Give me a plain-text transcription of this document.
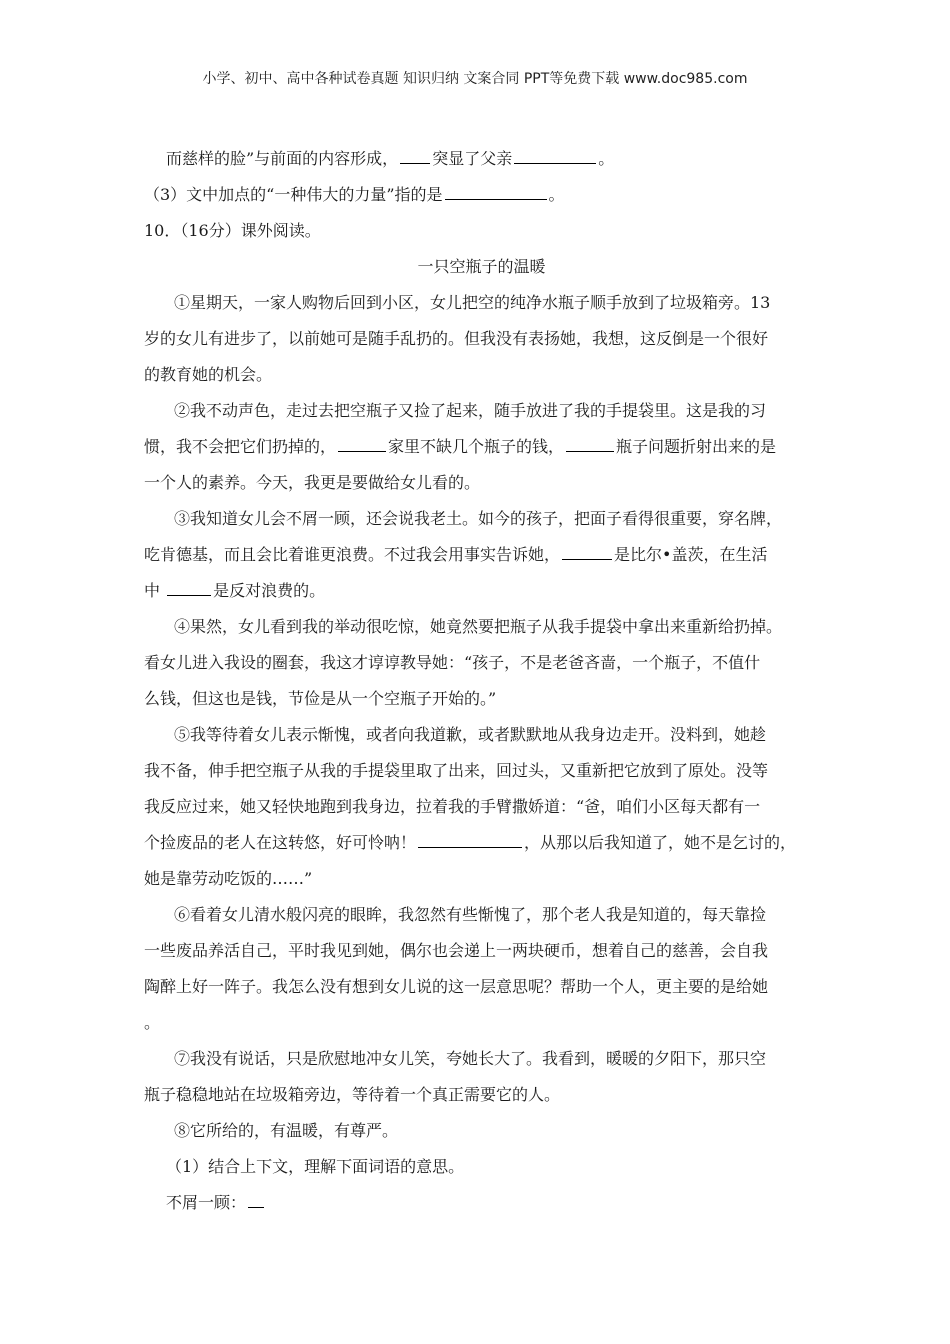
小学、初中、高中各种试卷真题 知识归纳 文案合同 PPT等免费下载 www.doc985.com
而慈样的脸”与前面的内容形成， 突显了父亲	。
（3）文中加点的“一种伟大的力量”指的是	。
10．（16分）课外阅读。
一只空瓶子的温暖
①星期天，一家人购物后回到小区，女儿把空的纯净水瓶子顺手放到了垃圾箱旁。13
岁的女儿有进步了，以前她可是随手乱扔的。但我没有表扬她，我想，这反倒是一个很好
的教育她的机会。
②我不动声色，走过去把空瓶子又捡了起来，随手放进了我的手提袋里。这是我的习
惯，我不会把它们扔掉的，	家里不缺几个瓶子的钱，	瓶子问题折射出来的是
一个人的素养。今天，我更是要做给女儿看的。
③我知道女儿会不屑一顾，还会说我老土。如今的孩子，把面子看得很重要，穿名牌，
吃肯德基，而且会比着谁更浪费。不过我会用事实告诉她，	是比尔•盖茨，在生活
中	是反对浪费的。
④果然，女儿看到我的举动很吃惊，她竟然要把瓶子从我手提袋中拿出来重新给扔掉。
看女儿进入我设的圈套，我这才谆谆教导她：“孩子，不是老爸吝啬，一个瓶子，不值什
么钱，但这也是钱，节俭是从一个空瓶子开始的。”
⑤我等待着女儿表示惭愧，或者向我道歉，或者默默地从我身边走开。没料到，她趁
我不备，伸手把空瓶子从我的手提袋里取了出来，回过头，又重新把它放到了原处。没等
我反应过来，她又轻快地跑到我身边，拉着我的手臂撒娇道：“爸，咱们小区每天都有一
个捡废品的老人在这转悠，好可怜呐！	，从那以后我知道了，她不是乞讨的，
她是靠劳动吃饭的……”
⑥看着女儿清水般闪亮的眼眸，我忽然有些惭愧了，那个老人我是知道的，每天靠捡
一些废品养活自己，平时我见到她，偶尔也会递上一两块硬币，想着自己的慈善，会自我
陶醉上好一阵子。我怎么没有想到女儿说的这一层意思呢？帮助一个人，更主要的是给她
。
⑦我没有说话，只是欣慰地冲女儿笑，夸她长大了。我看到，暖暖的夕阳下，那只空
瓶子稳稳地站在垃圾箱旁边，等待着一个真正需要它的人。
⑧它所给的，有温暖，有尊严。
（1）结合上下文，理解下面词语的意思。
不屑一顾：
